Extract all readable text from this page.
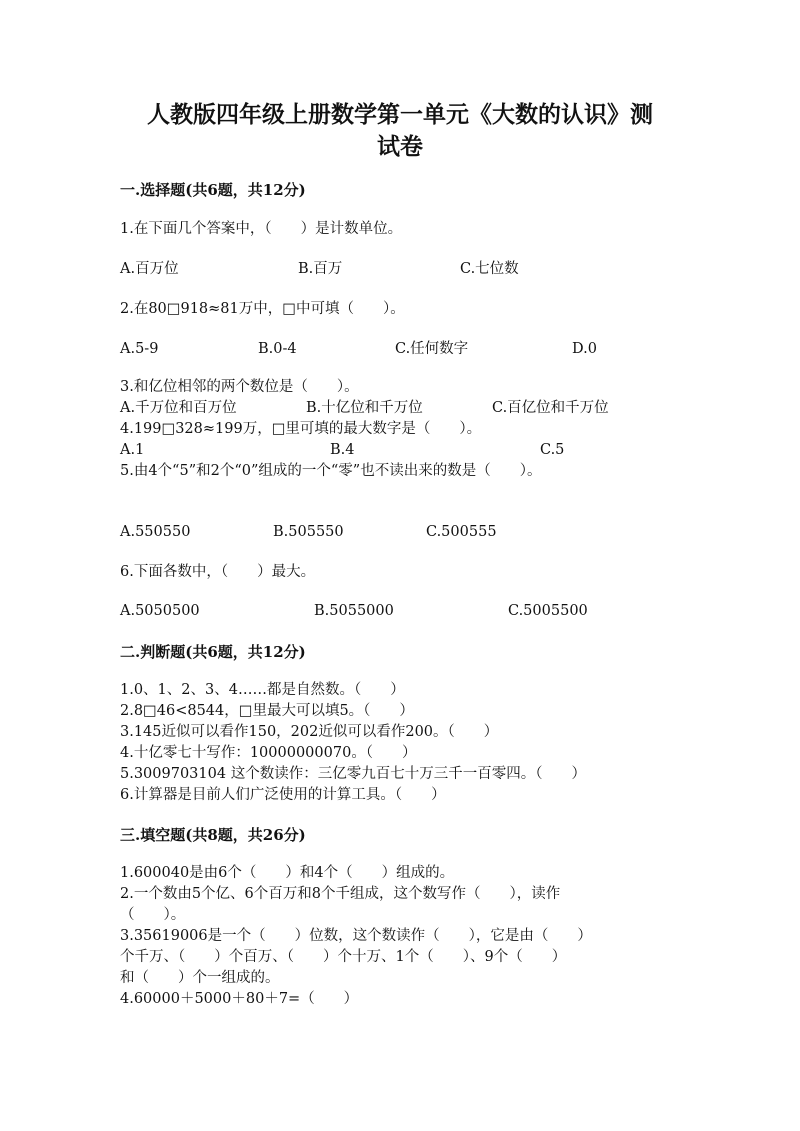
人教版四年级上册数学第一单元《大数的认识》测
试卷
一.选择题(共6题，共12分)
1.在下面几个答案中，（　　）是计数单位。
A.百万位	B.百万	C.七位数
2.在80□918≈81万中，□中可填（　　）。
A.5-9	B.0-4	C.任何数字	D.0
3.和亿位相邻的两个数位是（　　）。
A.千万位和百万位	B.十亿位和千万位	C.百亿位和千万位
4.199□328≈199万，□里可填的最大数字是（　　）。
A.1	B.4	C.5
5.由4个“5”和2个“0”组成的一个“零”也不读出来的数是（　　）。
A.550550	B.505550	C.500555
6.下面各数中，（　　）最大。
A.5050500	B.5055000	C.5005500
二.判断题(共6题，共12分)
1.0、1、2、3、4……都是自然数。（　　）
2.8□46<8544，□里最大可以填5。（　　）
3.145近似可以看作150，202近似可以看作200。（　　）
4.十亿零七十写作：10000000070。（　　）
5.3009703104 这个数读作：三亿零九百七十万三千一百零四。（　　）
6.计算器是目前人们广泛使用的计算工具。（　　）
三.填空题(共8题，共26分)
1.600040是由6个（　　）和4个（　　）组成的。
2.一个数由5个亿、6个百万和8个千组成，这个数写作（　　），读作
（　　）。
3.35619006是一个（　　）位数，这个数读作（　　），它是由（　　）
个千万、（　　）个百万、（　　）个十万、1个（　　）、9个（　　）
和（　　）个一组成的。
4.60000＋5000＋80＋7=（　　）
